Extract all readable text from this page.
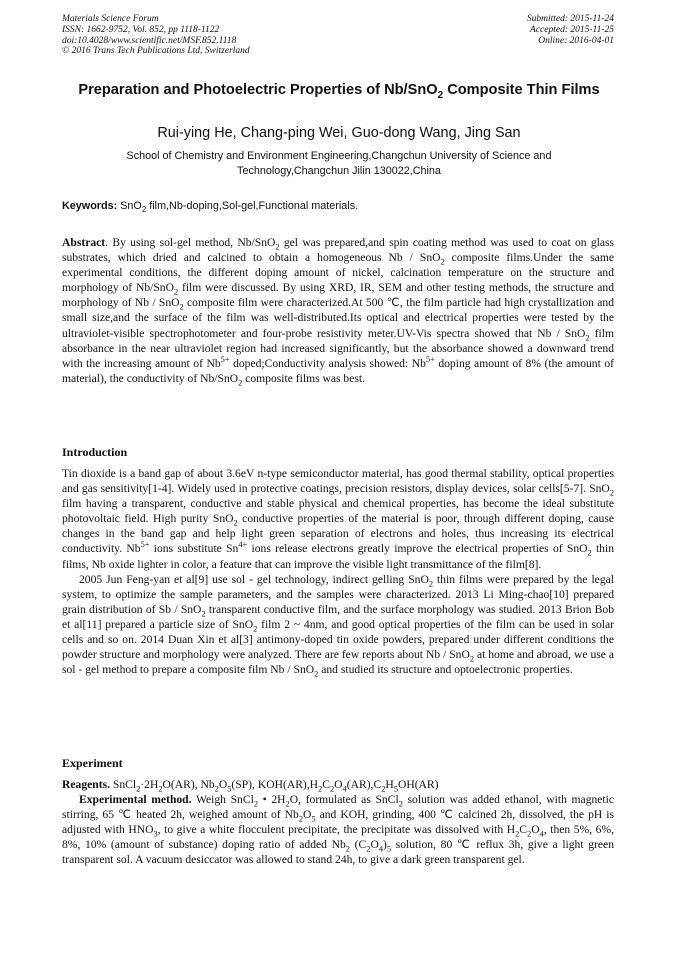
Materials Science Forum
ISSN: 1662-9752, Vol. 852, pp 1118-1122
doi:10.4028/www.scientific.net/MSF.852.1118
© 2016 Trans Tech Publications Ltd, Switzerland
Submitted: 2015-11-24
Accepted: 2015-11-25
Online: 2016-04-01
Preparation and Photoelectric Properties of Nb/SnO$_2$ Composite Thin Films
Rui-ying He, Chang-ping Wei, Guo-dong Wang, Jing San
School of Chemistry and Environment Engineering,Changchun University of Science and Technology,Changchun Jilin 130022,China
Keywords: SnO$_2$ film,Nb-doping,Sol-gel,Functional materials.

Abstract. By using sol-gel method, Nb/SnO$_2$ gel was prepared,and spin coating method was used to coat on glass substrates, which dried and calcined to obtain a homogeneous Nb / SnO$_2$ composite films.Under the same experimental conditions, the different doping amount of nickel, calcination temperature on the structure and morphology of Nb/SnO$_2$ film were discussed. By using XRD, IR, SEM and other testing methods, the structure and morphology of Nb / SnO$_2$ composite film were characterized.At 500 ℃, the film particle had high crystallization and small size,and the surface of the film was well-distributed.Its optical and electrical properties were tested by the ultraviolet-visible spectrophotometer and four-probe resistivity meter.UV-Vis spectra showed that Nb / SnO$_2$ film absorbance in the near ultraviolet region had increased significantly, but the absorbance showed a downward trend with the increasing amount of $Nb^{5+}$ doped;Conductivity analysis showed: $Nb^{5+}$ doping amount of 8% (the amount of material), the conductivity of Nb/SnO$_2$ composite films was best.

Introduction

Tin dioxide is a band gap of about 3.6eV n-type semiconductor material, has good thermal stability, optical properties and gas sensitivity[1-4]. Widely used in protective coatings, precision resistors, display devices, solar cells[5-7]. SnO$_2$ film having a transparent, conductive and stable physical and chemical properties, has become the ideal substitute photovoltaic field. High purity SnO$_2$ conductive properties of the material is poor, through different doping, cause changes in the band gap and help light green separation of electrons and holes, thus increasing its electrical conductivity. $Nb^{5+}$ ions substitute $Sn^{4+}$ ions release electrons greatly improve the electrical properties of SnO$_2$ thin films, Nb oxide lighter in color, a feature that can improve the visible light transmittance of the film[8].

2005 Jun Feng-yan et al[9] use sol - gel technology, indirect gelling SnO$_2$ thin films were prepared by the legal system, to optimize the sample parameters, and the samples were characterized. 2013 Li Ming-chao[10] prepared grain distribution of Sb / SnO$_2$ transparent conductive film, and the surface morphology was studied. 2013 Brion Bob et al[11] prepared a particle size of SnO$_2$ film 2 ~ 4nm, and good optical properties of the film can be used in solar cells and so on. 2014 Duan Xin et al[3] antimony-doped tin oxide powders, prepared under different conditions the powder structure and morphology were analyzed. There are few reports about Nb / SnO$_2$ at home and abroad, we use a sol - gel method to prepare a composite film Nb / SnO$_2$ and studied its structure and optoelectronic properties.

Experiment

Reagents. $SnCl_2\cdot 2H_2O(AR)$, $Nb_2O_5(SP)$, $KOH(AR),H_2C_2O_4(AR),C_2H_5OH(AR)$

Experimental method. Weigh SnCl$_2$ • $2H_2O$, formulated as SnCl$_2$ solution was added ethanol, with magnetic stirring, 65 ℃ heated 2h, weighed amount of $Nb_2O_5$ and KOH, grinding, 400 ℃ calcined 2h, dissolved, the pH is adjusted with $HNO_3$, to give a white flocculent precipitate, the precipitate was dissolved with $H_2C_2O_4$, then 5%, 6%, 8%, 10% (amount of substance) doping ratio of added $Nb_2$ $(C_2O_4)_5$ solution, 80 ℃ reflux 3h, give a light green transparent sol. A vacuum desiccator was allowed to stand 24h, to give a dark green transparent gel.
